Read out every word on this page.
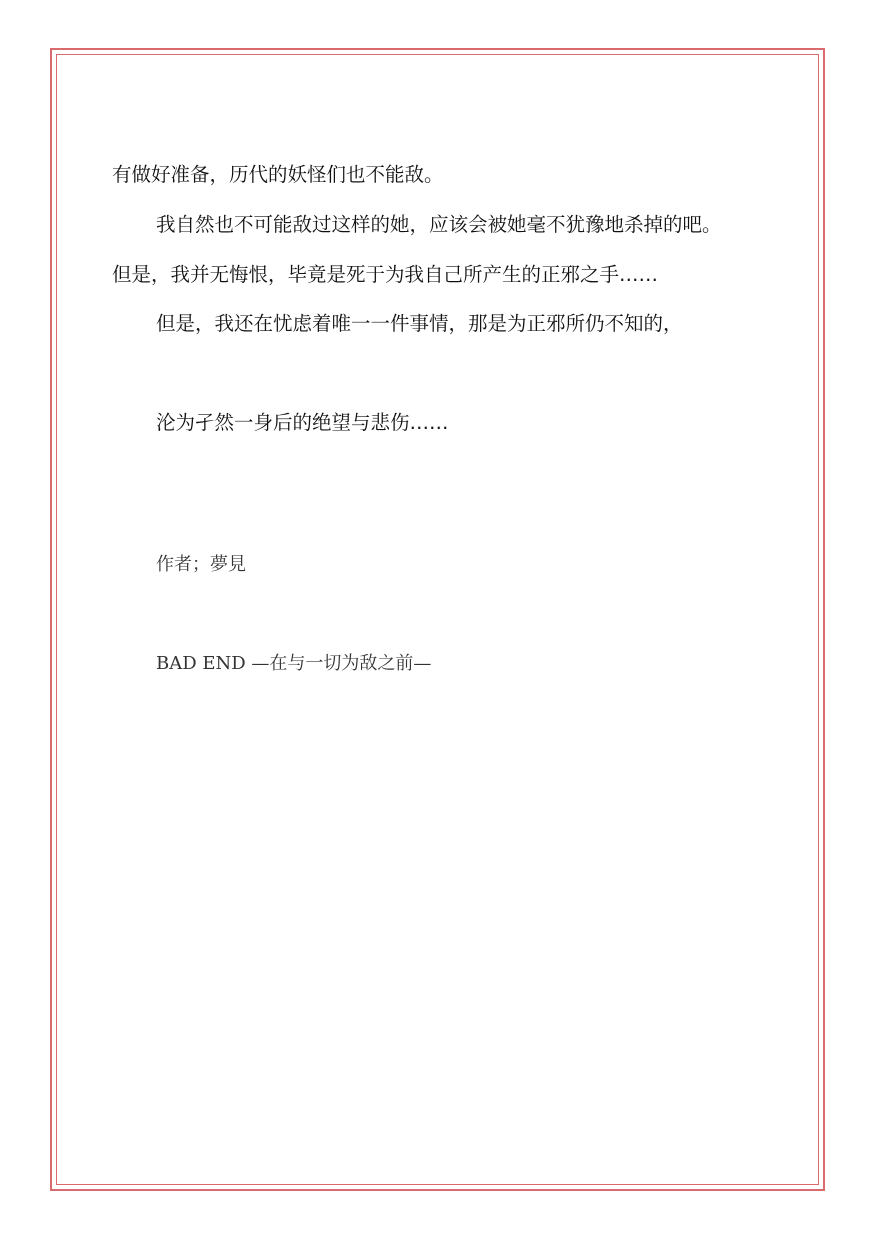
有做好准备，历代的妖怪们也不能敌。

我自然也不可能敌过这样的她，应该会被她毫不犹豫地杀掉的吧。

但是，我并无悔恨，毕竟是死于为我自己所产生的正邪之手……

但是，我还在忧虑着唯一一件事情，那是为正邪所仍不知的，

沦为孑然一身后的绝望与悲伤……

作者；夢見

BAD END —在与一切为敌之前—
